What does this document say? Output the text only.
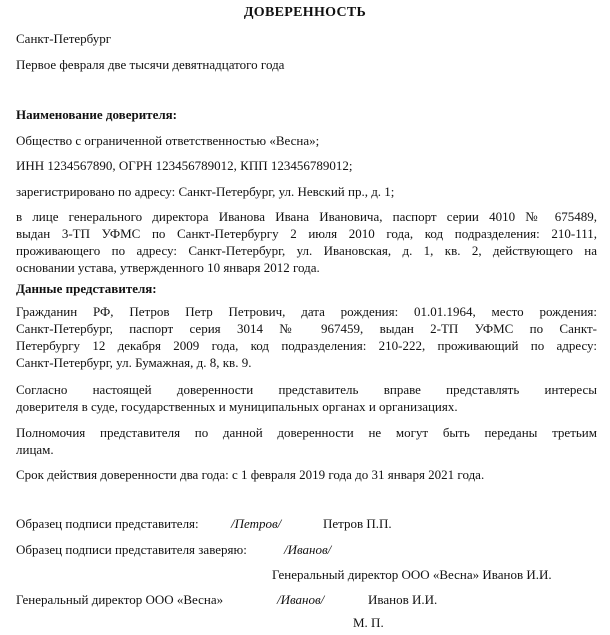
ДОВЕРЕННОСТЬ
Санкт-Петербург
Первое февраля две тысячи девятнадцатого года
Наименование доверителя:
Общество с ограниченной ответственностью «Весна»;
ИНН 1234567890, ОГРН 123456789012, КПП 123456789012;
зарегистрировано по адресу: Санкт-Петербург, ул. Невский пр., д. 1;
в лице генерального директора Иванова Ивана Ивановича, паспорт серии 4010 № 675489,
выдан 3-ТП УФМС по Санкт-Петербургу 2 июля 2010 года, код подразделения: 210-111,
проживающего по адресу: Санкт-Петербург, ул. Ивановская, д. 1, кв. 2, действующего на
основании устава, утвержденного 10 января 2012 года.
Данные представителя:
Гражданин РФ, Петров Петр Петрович, дата рождения: 01.01.1964, место рождения:
Санкт-Петербург, паспорт серия 3014 № 967459, выдан 2-ТП УФМС по Санкт-
Петербургу 12 декабря 2009 года, код подразделения: 210-222, проживающий по адресу:
Санкт-Петербург, ул. Бумажная, д. 8, кв. 9.
Согласно настоящей доверенности представитель вправе представлять интересы
доверителя в суде, государственных и муниципальных органах и организациях.
Полномочия представителя по данной доверенности не могут быть переданы третьим
лицам.
Срок действия доверенности два года: с 1 февраля 2019 года до 31 января 2021 года.
Образец подписи представителя: /Петров/	Петров П.П.
Образец подписи представителя заверяю:	/Иванов/
Генеральный директор ООО «Весна» Иванов И.И.
Генеральный директор ООО «Весна»	/Иванов/	Иванов И.И.
М. П.
